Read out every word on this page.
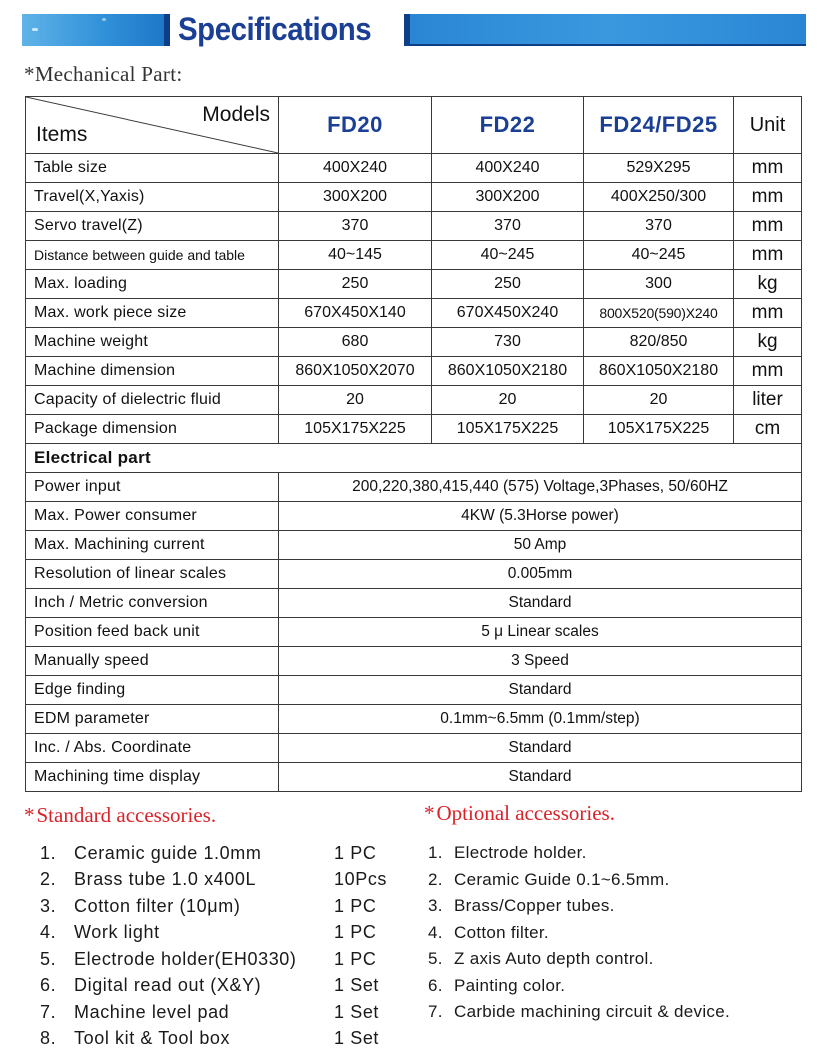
Specifications
*Mechanical Part:
Models
Items	FD20	FD22	FD24/FD25	Unit
Table size	400X240	400X240	529X295	mm
Travel(X,Yaxis)	300X200	300X200	400X250/300	mm
Servo travel(Z)	370	370	370	mm
Distance between guide and table	40~145	40~245	40~245	mm
Max. loading	250	250	300	kg
Max. work piece size	670X450X140	670X450X240	800X520(590)X240	mm
Machine weight	680	730	820/850	kg
Machine dimension	860X1050X2070	860X1050X2180	860X1050X2180	mm
Capacity of dielectric fluid	20	20	20	liter
Package dimension	105X175X225	105X175X225	105X175X225	cm
Electrical part				
Power input	200,220,380,415,440 (575) Voltage,3Phases, 50/60HZ			
Max. Power consumer	4KW (5.3Horse power)			
Max. Machining current	50 Amp			
Resolution of linear scales	0.005mm			
Inch / Metric conversion	Standard			
Position feed back unit	5 μ Linear scales			
Manually speed	3 Speed			
Edge finding	Standard			
EDM parameter	0.1mm~6.5mm (0.1mm/step)			
Inc. / Abs. Coordinate	Standard			
Machining time display	Standard			
*Standard accessories.
1. Ceramic guide 1.0mm	1 PC
2. Brass tube 1.0 x400L	10Pcs
3. Cotton filter (10μm)	1 PC
4. Work light	1 PC
5. Electrode holder(EH0330)	1 PC
6. Digital read out (X&Y)	1 Set
7. Machine level pad	1 Set
8. Tool kit & Tool box	1 Set
*Optional accessories.
1. Electrode holder.
2. Ceramic Guide 0.1~6.5mm.
3. Brass/Copper tubes.
4. Cotton filter.
5. Z axis Auto depth control.
6. Painting color.
7. Carbide machining circuit & device.
